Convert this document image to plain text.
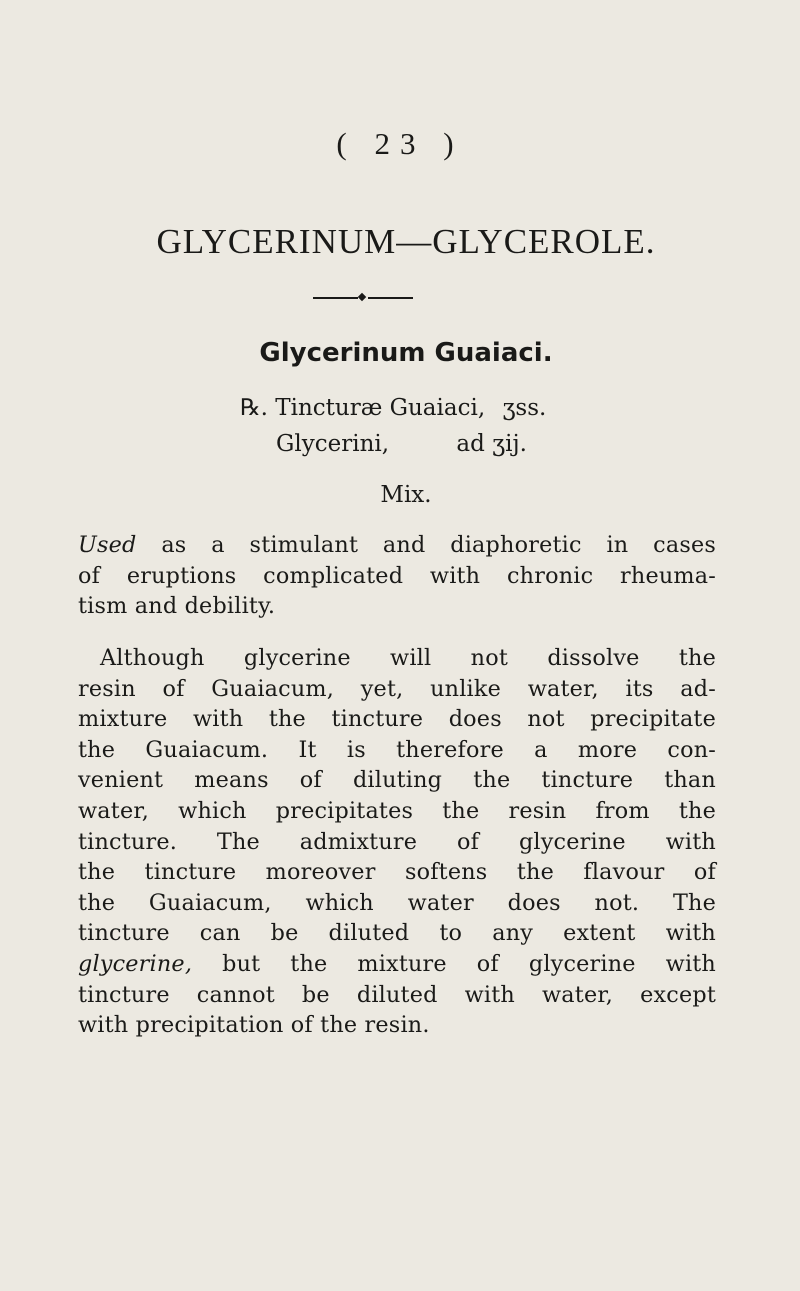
( 23 )
GLYCERINUM—GLYCEROLE.
Glycerinum Guaiaci.
℞. Tincturæ Guaiaci, ʒss.
Glycerini,	ad ʒij.
Mix.
Used as a stimulant and diaphoretic in cases
of eruptions complicated with chronic rheuma-
tism and debility.
Although glycerine will not dissolve the
resin of Guaiacum, yet, unlike water, its ad-
mixture with the tincture does not precipitate
the Guaiacum. It is therefore a more con-
venient means of diluting the tincture than
water, which precipitates the resin from the
tincture. The admixture of glycerine with
the tincture moreover softens the flavour of
the Guaiacum, which water does not. The
tincture can be diluted to any extent with
glycerine, but the mixture of glycerine with
tincture cannot be diluted with water, except
with precipitation of the resin.
